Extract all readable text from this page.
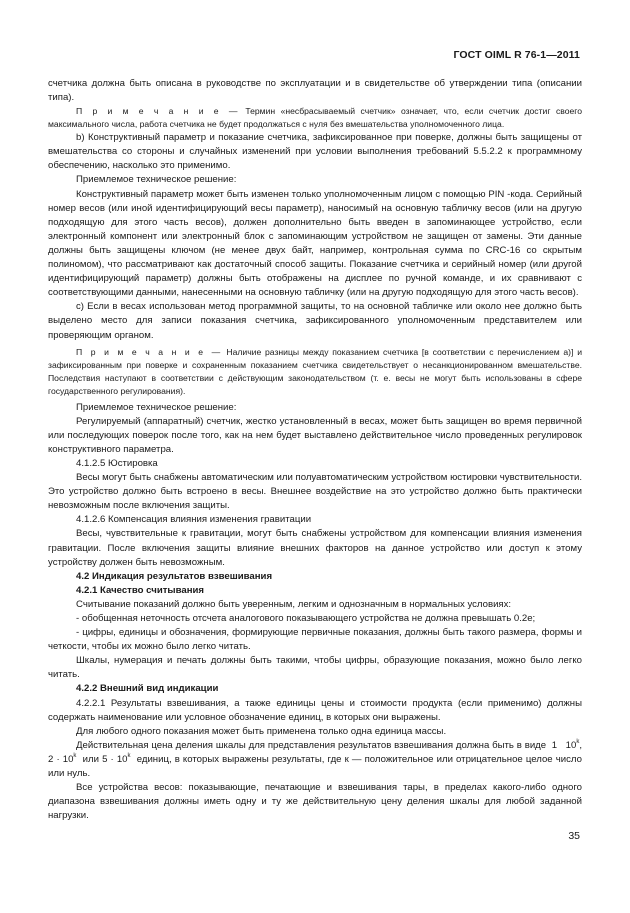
ГОСТ OIML R 76-1—2011

счетчика должна быть описана в руководстве по эксплуатации и в свидетельстве об утверждении типа (описании типа).

П р и м е ч а н и е — Термин «несбрасываемый счетчик» означает, что, если счетчик достиг своего максимального числа, работа счетчика не будет продолжаться с нуля без вмешательства уполномоченного лица.

b) Конструктивный параметр и показание счетчика, зафиксированное при поверке, должны быть защищены от вмешательства со стороны и случайных изменений при условии выполнения требований 5.5.2.2 к программному обеспечению, насколько это применимо.

Приемлемое техническое решение:

Конструктивный параметр может быть изменен только уполномоченным лицом с помощью PIN -кода. Серийный номер весов (или иной идентифицирующий весы параметр), наносимый на основную табличку весов (или на другую подходящую для этого часть весов), должен дополнительно быть введен в запоминающее устройство, если электронный компонент или электронный блок с запоминающим устройством не защищен от замены. Эти данные должны быть защищены ключом (не менее двух байт, например, контрольная сумма по CRC-16 со скрытым полиномом), что рассматривают как достаточный способ защиты. Показание счетчика и серийный номер (или другой идентифицирующий параметр) должны быть отображены на дисплее по ручной команде, и их сравнивают с соответствующими данными, нанесенными на основную табличку (или на другую подходящую для этого часть весов).

c) Если в весах использован метод программной защиты, то на основной табличке или около нее должно быть выделено место для записи показания счетчика, зафиксированного уполномоченным представителем или проверяющим органом.

П р и м е ч а н и е — Наличие разницы между показанием счетчика [в соответствии с перечислением а)] и зафиксированным при поверке и сохраненным показанием счетчика свидетельствует о несанкционированном вмешательстве. Последствия наступают в соответствии с действующим законодательством (т. е. весы не могут быть использованы в сфере государственного регулирования).

Приемлемое техническое решение:

Регулируемый (аппаратный) счетчик, жестко установленный в весах, может быть защищен во время первичной или последующих поверок после того, как на нем будет выставлено действительное число проведенных регулировок конструктивного параметра.

4.1.2.5 Юстировка

Весы могут быть снабжены автоматическим или полуавтоматическим устройством юстировки чувствительности. Это устройство должно быть встроено в весы. Внешнее воздействие на это устройство должно быть практически невозможным после включения защиты.

4.1.2.6 Компенсация влияния изменения гравитации

Весы, чувствительные к гравитации, могут быть снабжены устройством для компенсации влияния изменения гравитации. После включения защиты влияние внешних факторов на данное устройство или доступ к этому устройству должен быть невозможным.

4.2 Индикация результатов взвешивания

4.2.1 Качество считывания

Считывание показаний должно быть уверенным, легким и однозначным в нормальных условиях:

- обобщенная неточность отсчета аналогового показывающего устройства не должна превышать 0.2e;

- цифры, единицы и обозначения, формирующие первичные показания, должны быть такого размера, формы и четкости, чтобы их можно было легко читать.

Шкалы, нумерация и печать должны быть такими, чтобы цифры, образующие показания, можно было легко читать.

4.2.2 Внешний вид индикации

4.2.2.1 Результаты взвешивания, а также единицы цены и стоимости продукта (если применимо) должны содержать наименование или условное обозначение единиц, в которых они выражены.

Для любого одного показания может быть применена только одна единица массы.

Действительная цена деления шкалы для представления результатов взвешивания должна быть в виде 1 10$^k$, $2 \cdot 10^k$ или $5 \cdot 10^k$ единиц, в которых выражены результаты, где к — положительное или отрицательное целое число или нуль.

Все устройства весов: показывающие, печатающие и взвешивания тары, в пределах какого-либо одного диапазона взвешивания должны иметь одну и ту же действительную цену деления шкалы для любой заданной нагрузки.

35
